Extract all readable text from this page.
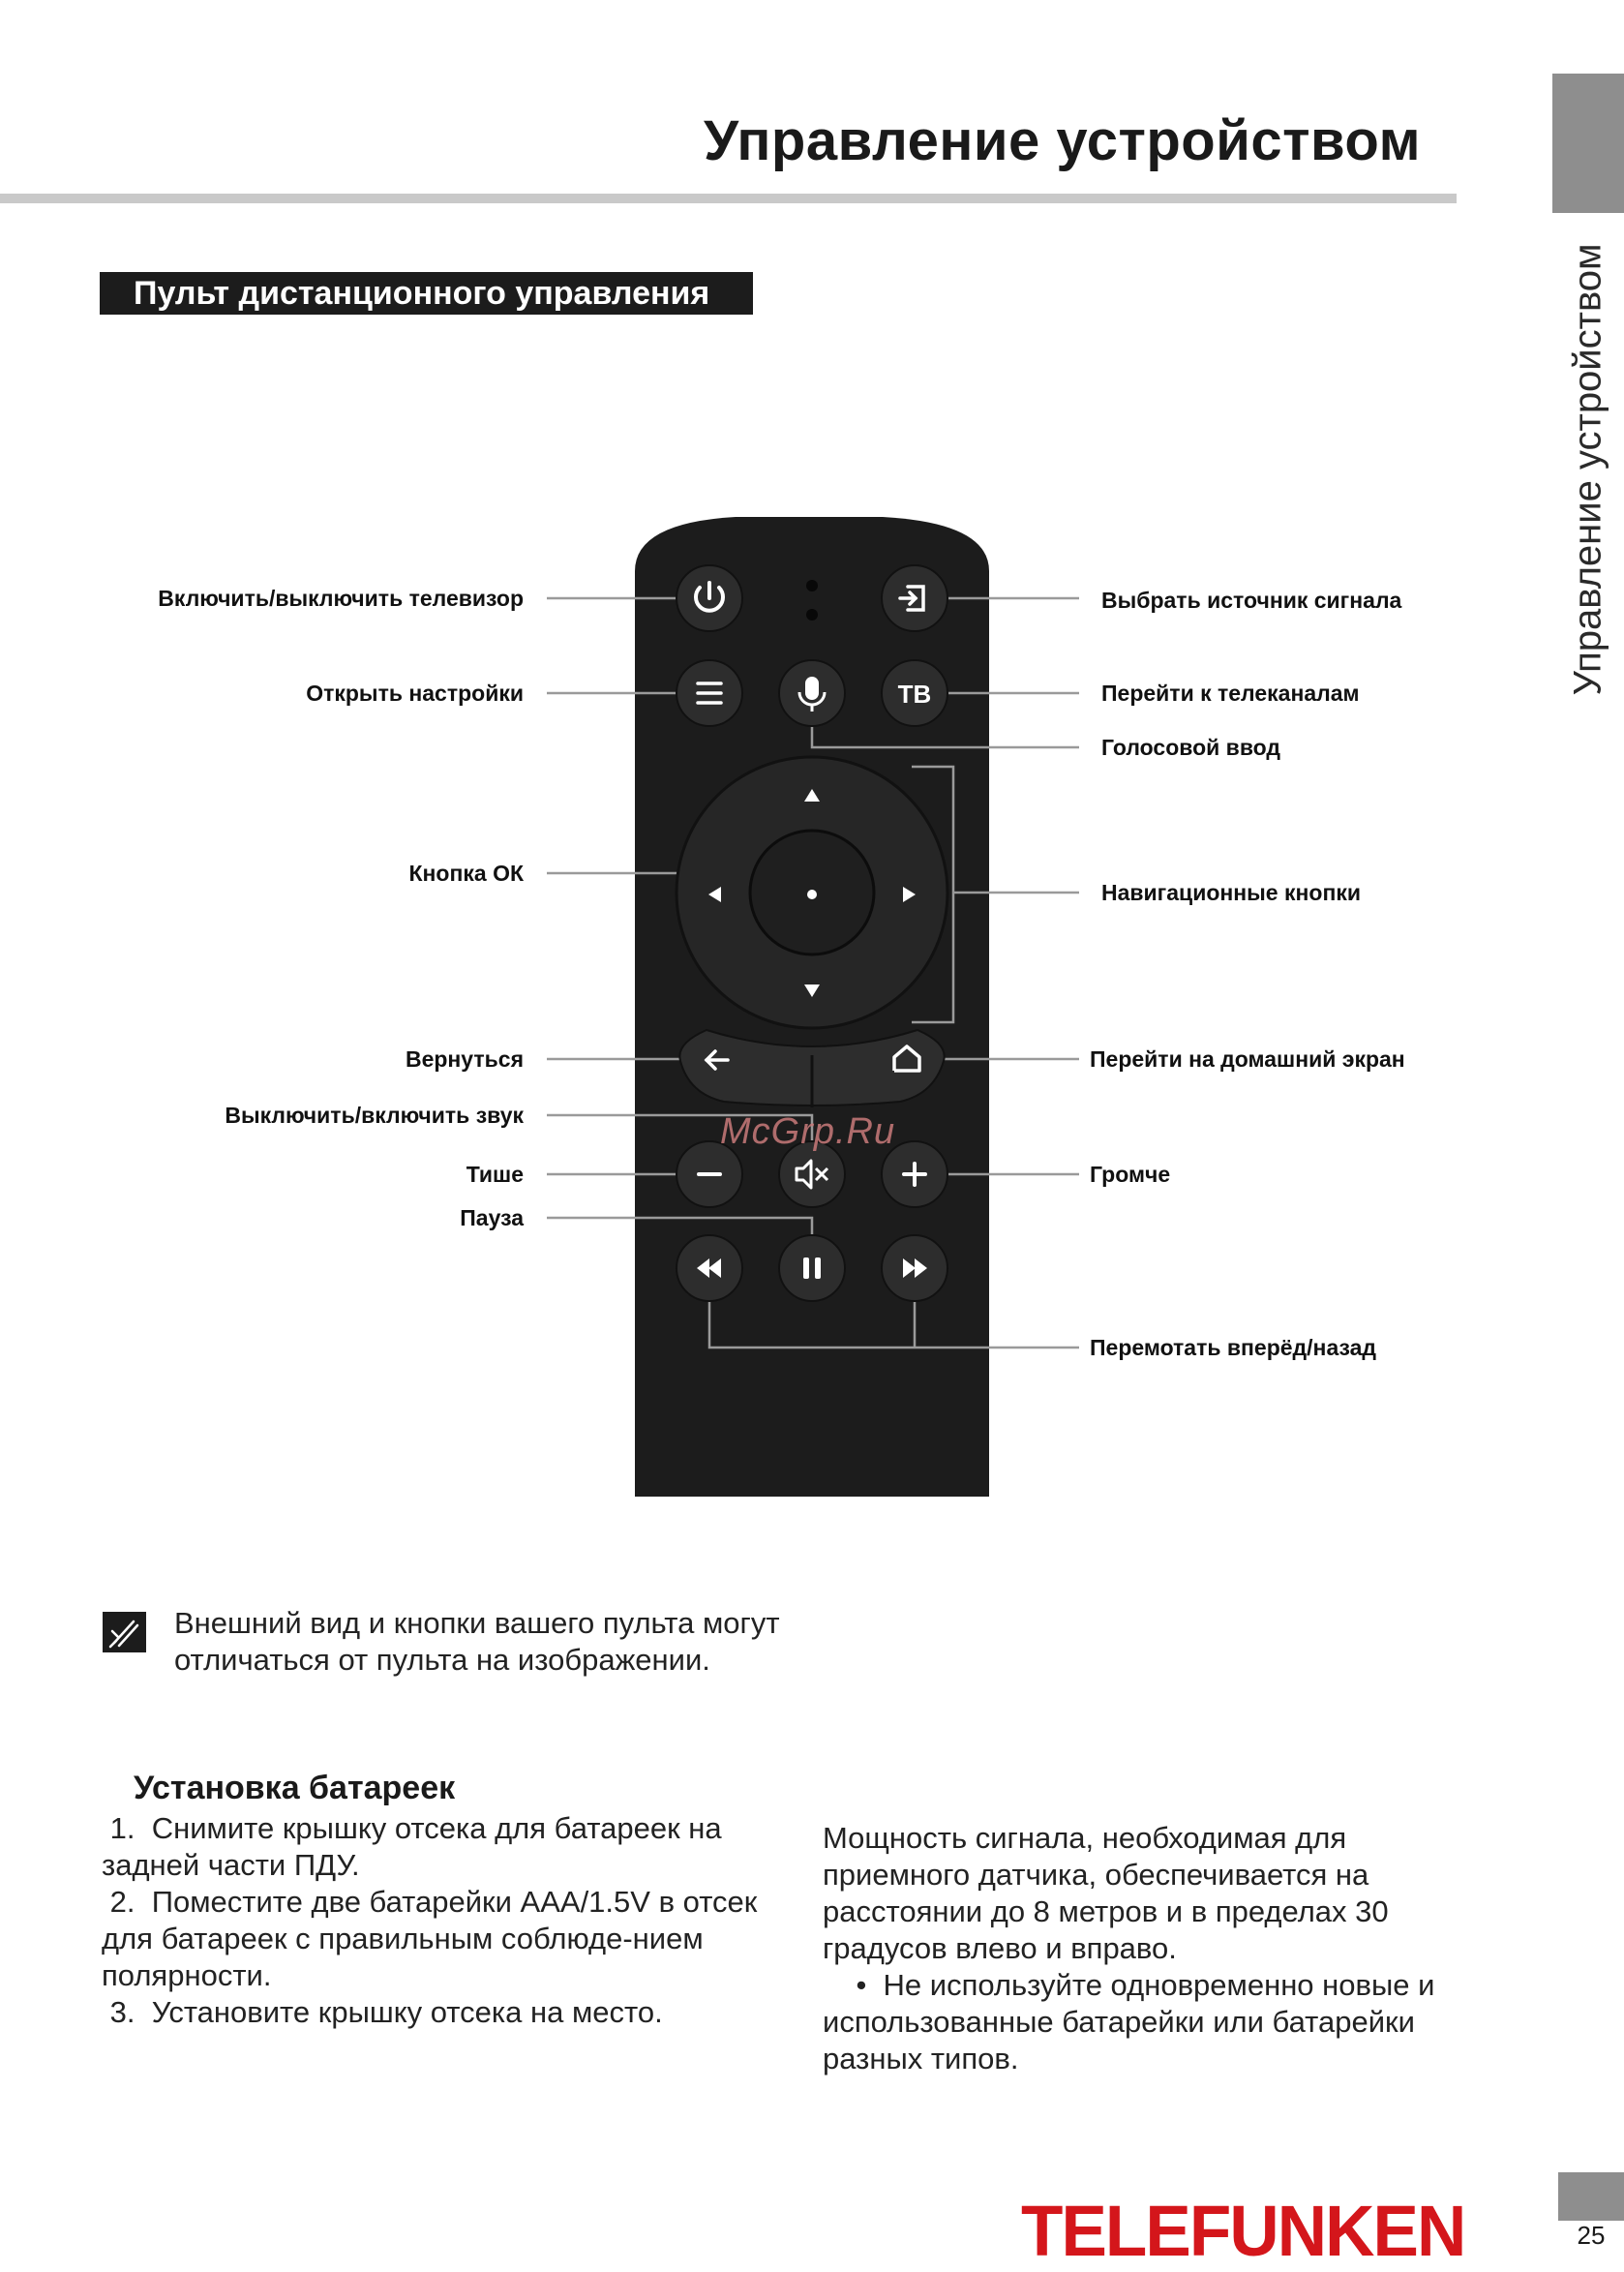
Управление устройством
Управление устройством
Пульт дистанционного управления
ТВ
Включить/выключить телевизор
Открыть настройки
Кнопка ОК
Вернуться
Выключить/включить звук
Тише
Пауза
Выбрать источник сигнала
Перейти к телеканалам
Голосовой ввод
Навигационные кнопки
Перейти на домашний экран
Громче
Перемотать вперёд/назад
McGrp.Ru
Внешний вид и кнопки вашего пульта могут отличаться от пульта на изображении.
Установка батареек

1.  Снимите крышку отсека для батареек на задней части ПДУ.

2.  Поместите две батарейки AAA/1.5V в отсек для батареек с правильным соблюде-нием полярности.

3.  Установите крышку отсека на место.

Мощность сигнала, необходимая для приемного датчика, обеспечивается на расстоянии до 8 метров и в пределах 30 градусов влево и вправо.

•  Не используйте одновременно новые и использованные батарейки или батарейки разных типов.

TELEFUNKEN	25
